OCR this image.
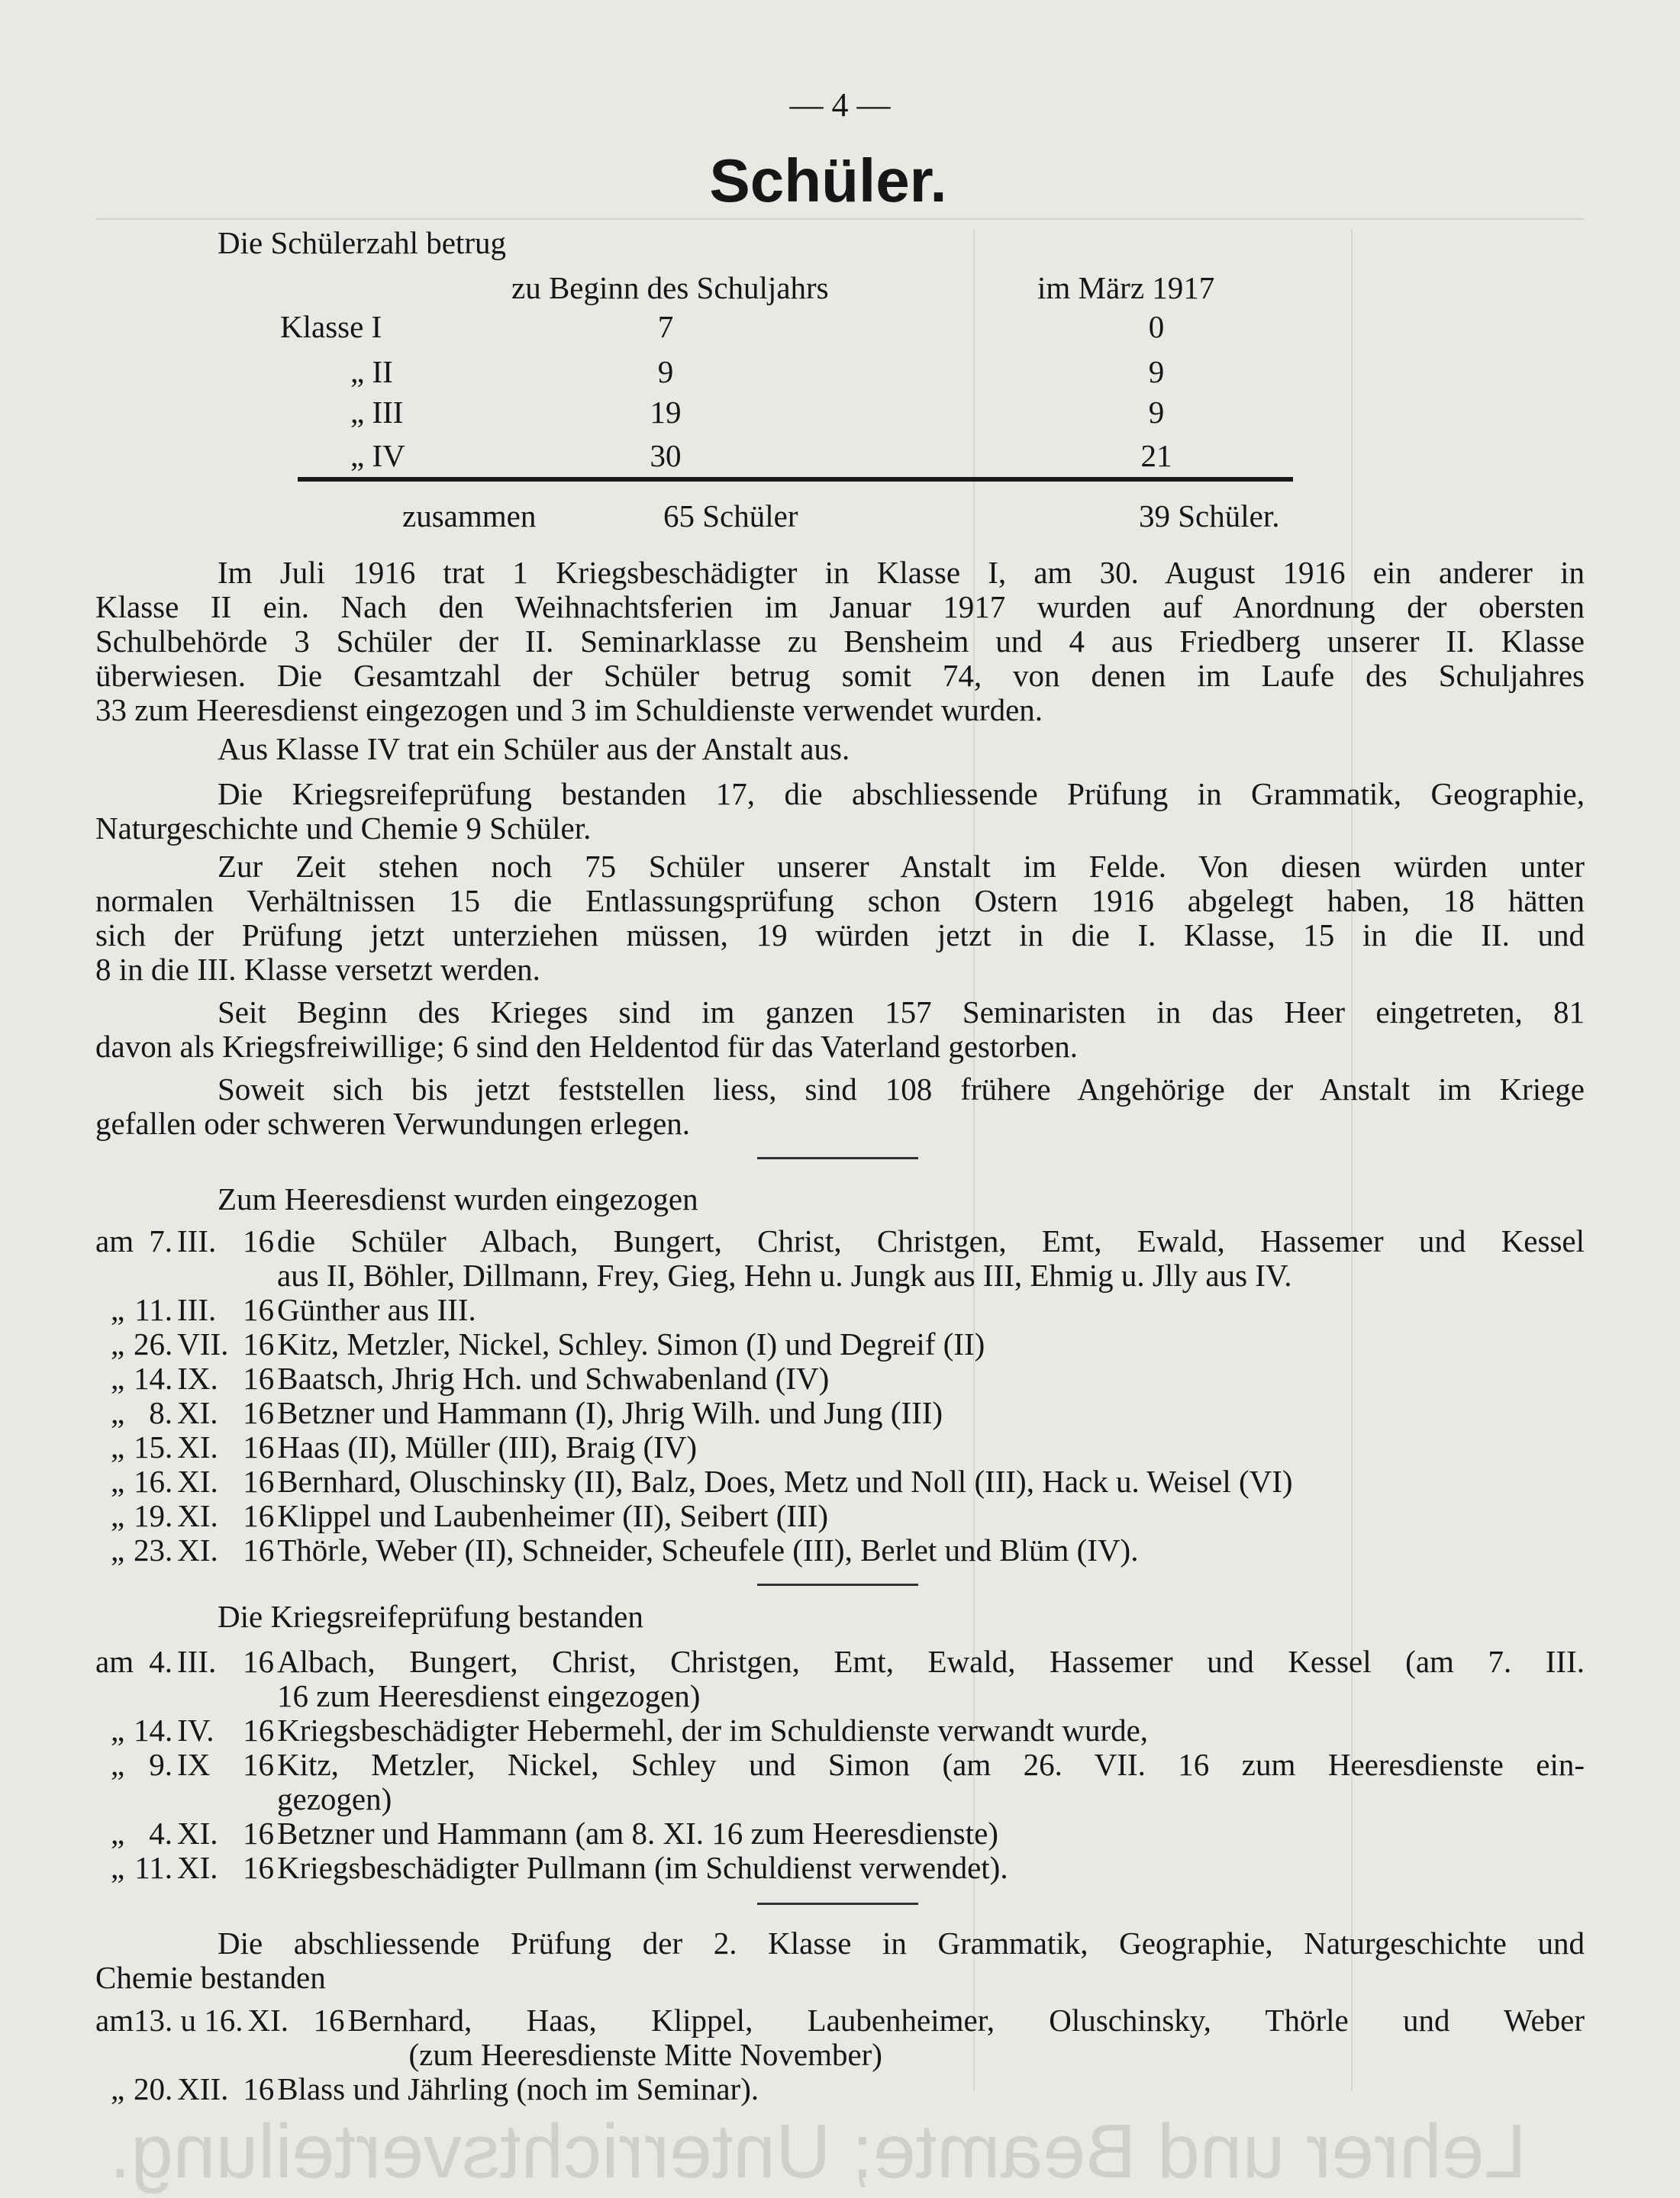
Lehrer und Beamte; Unterrichtsverteilung.
— 4 —
Schüler.
Die Schülerzahl betrug
zu Beginn des Schuljahrs	im März 1917
Klasse I	7	0
„ II	9	9
„ III	19	9
„ IV	30	21
zusammen	65 Schüler	39 Schüler.
Im Juli 1916 trat 1 Kriegsbeschädigter in Klasse I, am 30. August 1916 ein anderer in
Klasse II ein. Nach den Weihnachtsferien im Januar 1917 wurden auf Anordnung der obersten
Schulbehörde 3 Schüler der II. Seminarklasse zu Bensheim und 4 aus Friedberg unserer II. Klasse
überwiesen. Die Gesamtzahl der Schüler betrug somit 74, von denen im Laufe des Schuljahres
33 zum Heeresdienst eingezogen und 3 im Schuldienste verwendet wurden.
Aus Klasse IV trat ein Schüler aus der Anstalt aus.
Die Kriegsreifeprüfung bestanden 17, die abschliessende Prüfung in Grammatik, Geographie,
Naturgeschichte und Chemie 9 Schüler.
Zur Zeit stehen noch 75 Schüler unserer Anstalt im Felde. Von diesen würden unter
normalen Verhältnissen 15 die Entlassungsprüfung schon Ostern 1916 abgelegt haben, 18 hätten
sich der Prüfung jetzt unterziehen müssen, 19 würden jetzt in die I. Klasse, 15 in die II. und
8 in die III. Klasse versetzt werden.
Seit Beginn des Krieges sind im ganzen 157 Seminaristen in das Heer eingetreten, 81
davon als Kriegsfreiwillige; 6 sind den Heldentod für das Vaterland gestorben.
Soweit sich bis jetzt feststellen liess, sind 108 frühere Angehörige der Anstalt im Kriege
gefallen oder schweren Verwundungen erlegen.
Zum Heeresdienst wurden eingezogen
am 7. III. 16 die Schüler Albach, Bungert, Christ, Christgen, Emt, Ewald, Hassemer und Kessel
aus II, Böhler, Dillmann, Frey, Gieg, Hehn u. Jungk aus III, Ehmig u. Jlly aus IV.
„ 11. III. 16 Günther aus III.
„ 26. VII. 16 Kitz, Metzler, Nickel, Schley. Simon (I) und Degreif (II)
„ 14. IX. 16 Baatsch, Jhrig Hch. und Schwabenland (IV)
„ 8. XI. 16 Betzner und Hammann (I), Jhrig Wilh. und Jung (III)
„ 15. XI. 16 Haas (II), Müller (III), Braig (IV)
„ 16. XI. 16 Bernhard, Oluschinsky (II), Balz, Does, Metz und Noll (III), Hack u. Weisel (VI)
„ 19. XI. 16 Klippel und Laubenheimer (II), Seibert (III)
„ 23. XI. 16 Thörle, Weber (II), Schneider, Scheufele (III), Berlet und Blüm (IV).
Die Kriegsreifeprüfung bestanden
am 4. III. 16 Albach, Bungert, Christ, Christgen, Emt, Ewald, Hassemer und Kessel (am 7. III.
16 zum Heeresdienst eingezogen)
„ 14. IV. 16 Kriegsbeschädigter Hebermehl, der im Schuldienste verwandt wurde,
„ 9. IX	16 Kitz, Metzler, Nickel, Schley und Simon (am 26. VII. 16 zum Heeresdienste ein-
gezogen)
„ 4. XI. 16 Betzner und Hammann (am 8. XI. 16 zum Heeresdienste)
„ 11. XI. 16 Kriegsbeschädigter Pullmann (im Schuldienst verwendet).
Die abschliessende Prüfung der 2. Klasse in Grammatik, Geographie, Naturgeschichte und
Chemie bestanden
am 13. u 16. XI. 16 Bernhard, Haas, Klippel, Laubenheimer, Oluschinsky, Thörle und Weber
(zum Heeresdienste Mitte November)
„ 20. XII. 16 Blass und Jährling (noch im Seminar).
